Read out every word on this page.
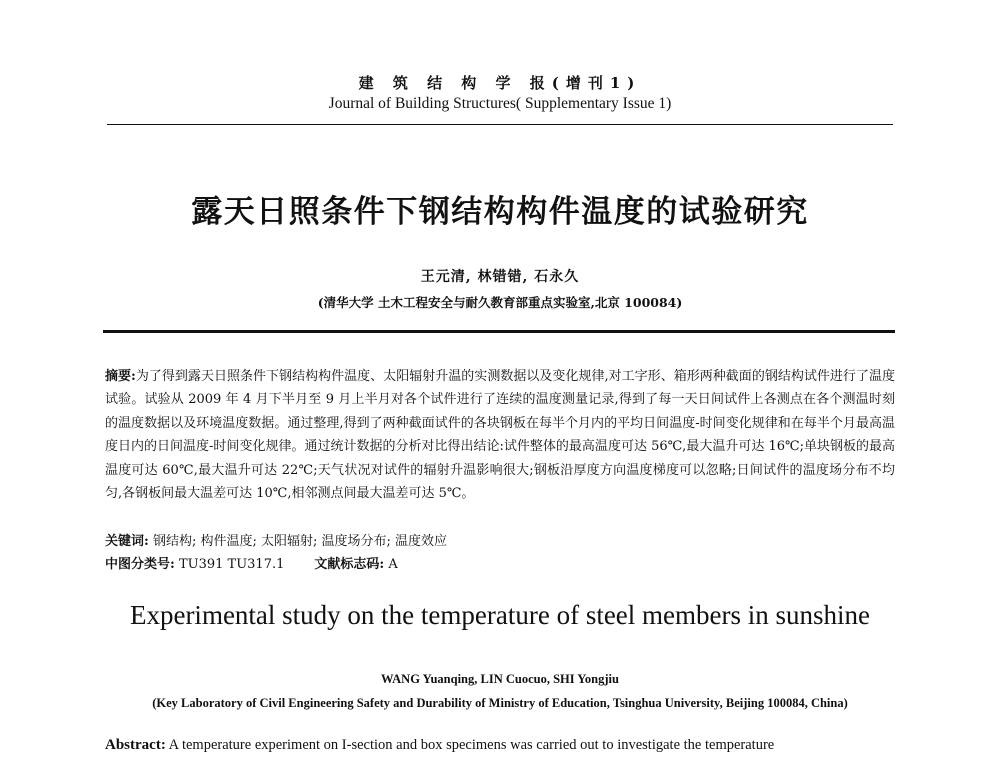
建 筑 结 构 学 报(增刊1)
Journal of Building Structures( Supplementary Issue 1)
露天日照条件下钢结构构件温度的试验研究
王元清, 林错错, 石永久
(清华大学 土木工程安全与耐久教育部重点实验室,北京 100084)

摘要:为了得到露天日照条件下钢结构构件温度、太阳辐射升温的实测数据以及变化规律,对工字形、箱形两种截面的钢结构试件进行了温度试验。试验从 2009 年 4 月下半月至 9 月上半月对各个试件进行了连续的温度测量记录,得到了每一天日间试件上各测点在各个测温时刻的温度数据以及环境温度数据。通过整理,得到了两种截面试件的各块钢板在每半个月内的平均日间温度-时间变化规律和在每半个月最高温度日内的日间温度-时间变化规律。通过统计数据的分析对比得出结论:试件整体的最高温度可达 56℃,最大温升可达 16℃;单块钢板的最高温度可达 60℃,最大温升可达 22℃;天气状况对试件的辐射升温影响很大;钢板沿厚度方向温度梯度可以忽略;日间试件的温度场分布不均匀,各钢板间最大温差可达 10℃,相邻测点间最大温差可达 5℃。

关键词: 钢结构; 构件温度; 太阳辐射; 温度场分布; 温度效应
中图分类号: TU391 TU317.1 文献标志码: A
Experimental study on the temperature of steel members in sunshine
WANG Yuanqing, LIN Cuocuo, SHI Yongjiu
(Key Laboratory of Civil Engineering Safety and Durability of Ministry of Education, Tsinghua University, Beijing 100084, China)
Abstract: A temperature experiment on I-section and box specimens was carried out to investigate the temperature
